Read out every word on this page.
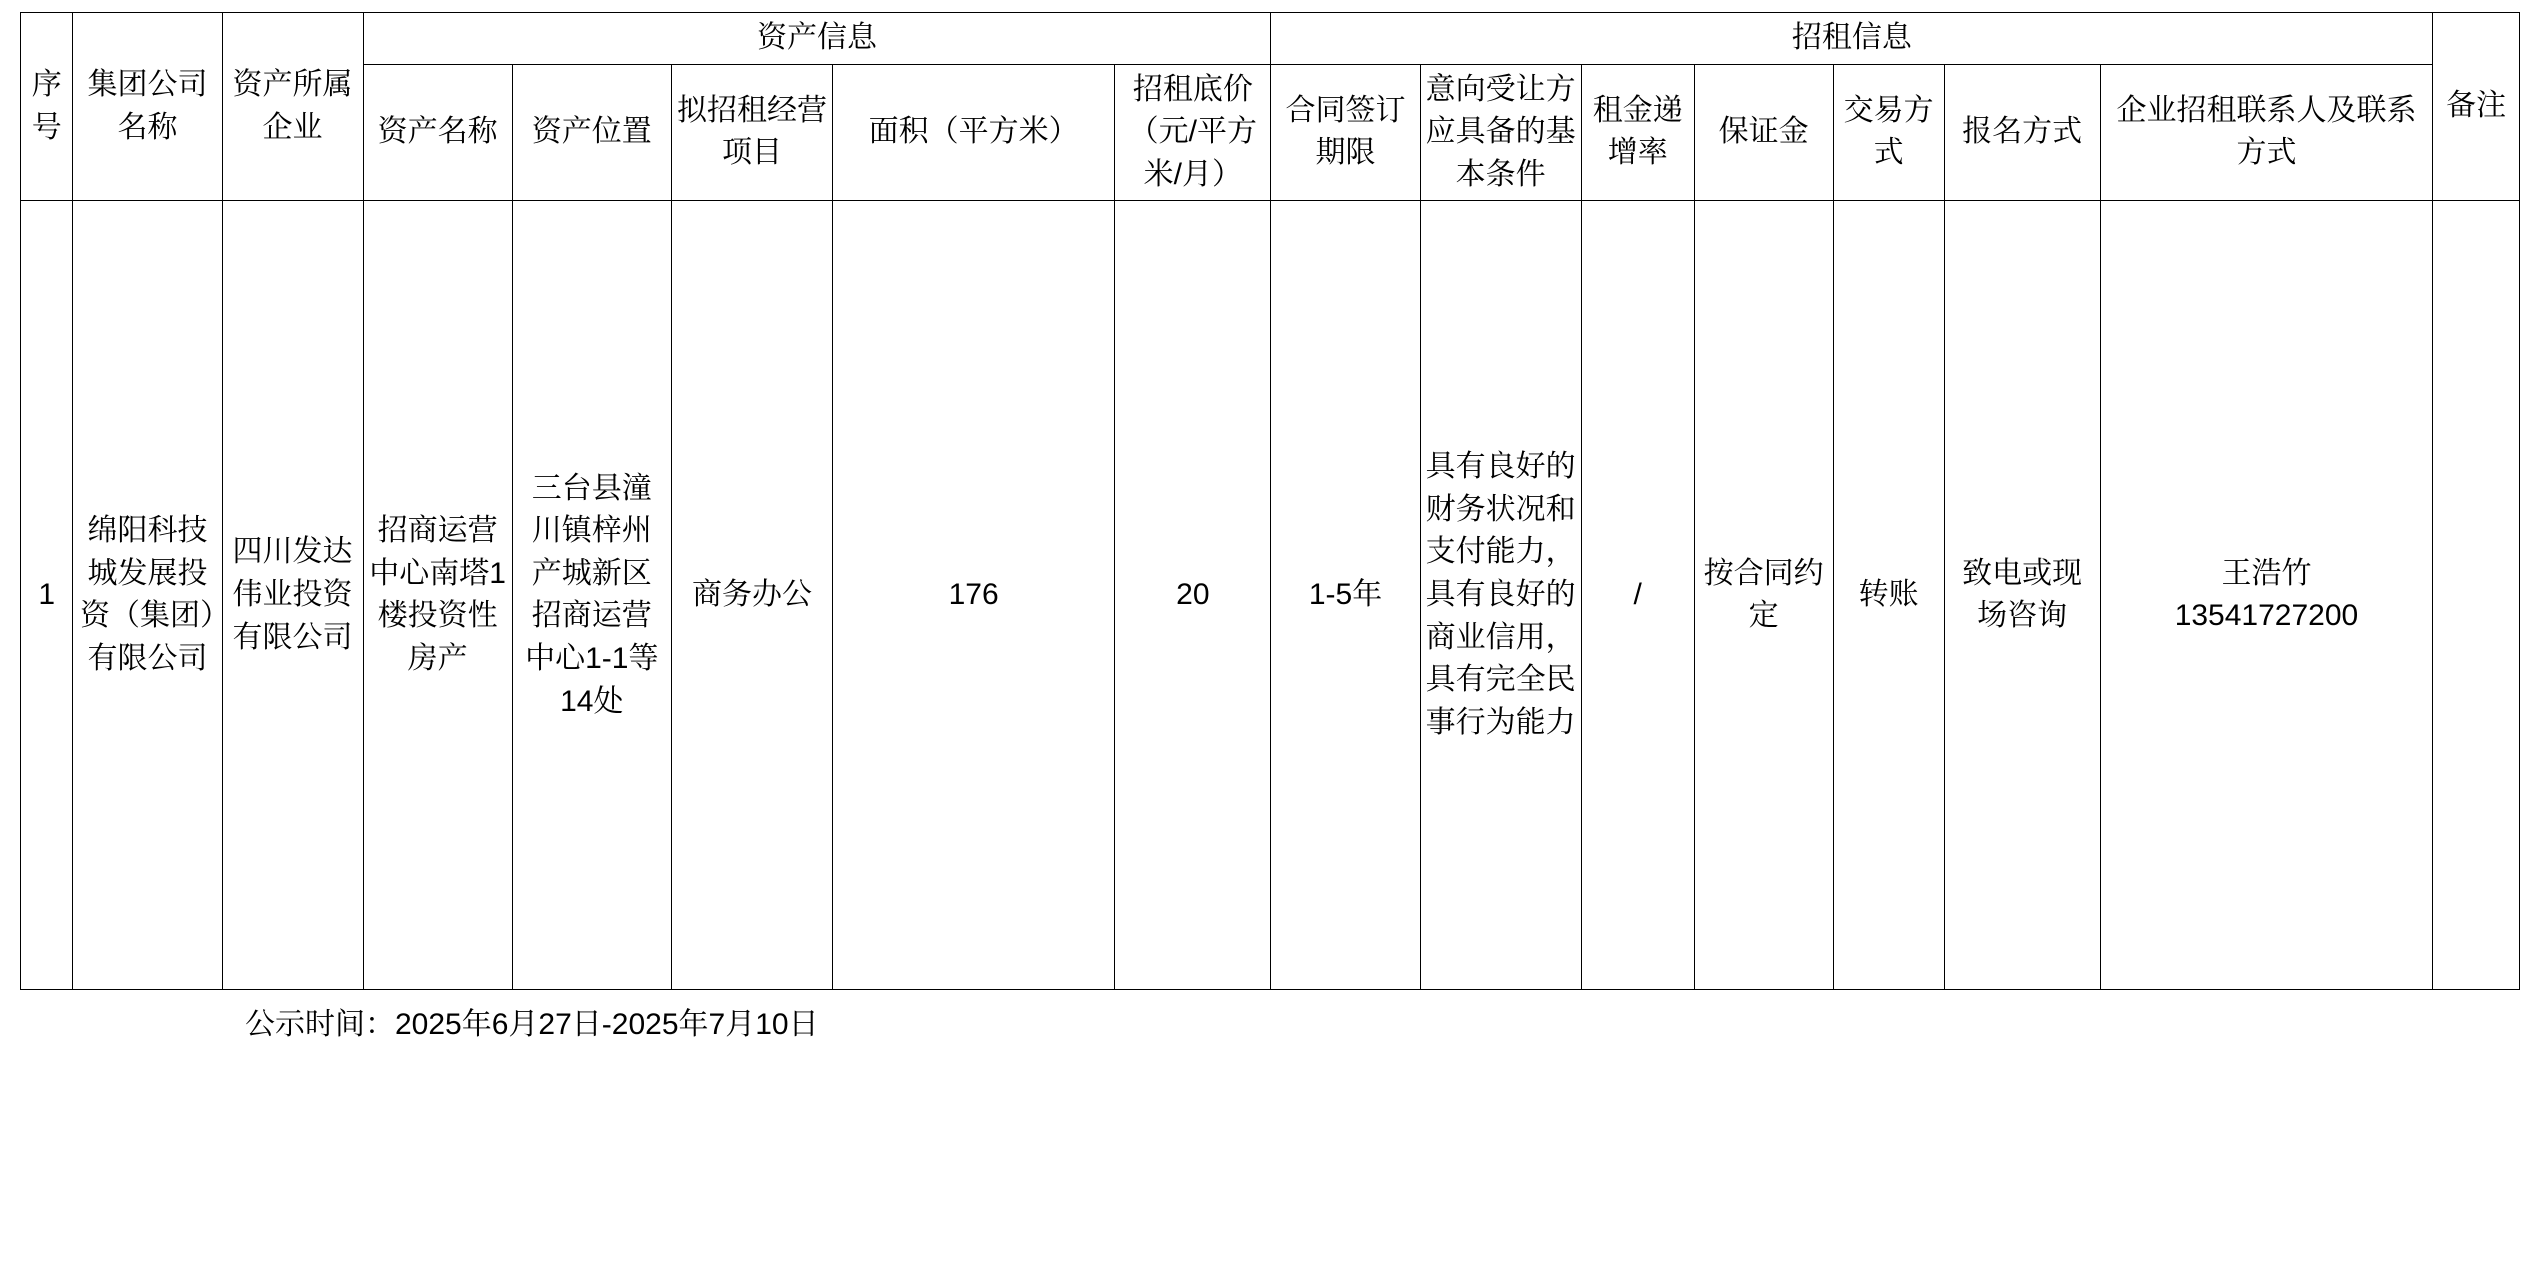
序号	集团公司名称	资产所属企业	资产信息					招租信息							备注
			资产名称	资产位置	拟招租经营项目	面积（平方米）	招租底价（元/平方米/月）	合同签订期限	意向受让方应具备的基本条件	租金递增率	保证金	交易方式	报名方式	企业招租联系人及联系方式	
1	绵阳科技城发展投资（集团）有限公司	四川发达伟业投资有限公司	招商运营中心南塔1楼投资性房产	三台县潼川镇梓州产城新区招商运营中心1-1等14处	商务办公	176	20	1-5年	具有良好的财务状况和支付能力，具有良好的商业信用，具有完全民事行为能力	/	按合同约定	转账	致电或现场咨询	王浩竹
13541727200	

公示时间：2025年6月27日-2025年7月10日
